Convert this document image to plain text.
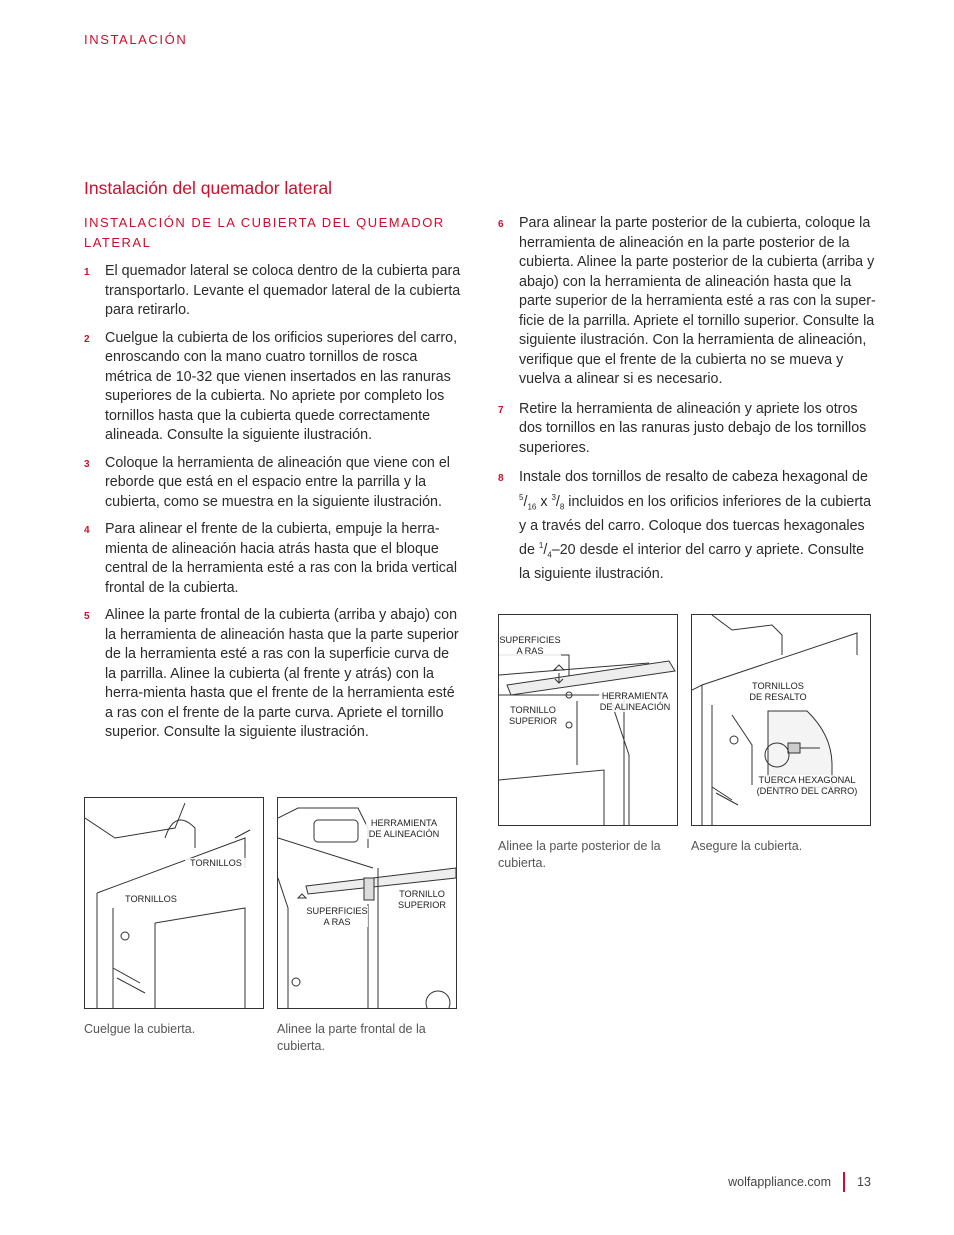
INSTALACIÓN
Instalación del quemador lateral
INSTALACIÓN DE LA CUBIERTA DEL QUEMADOR LATERAL
1 El quemador lateral se coloca dentro de la cubierta para transportarlo. Levante el quemador lateral de la cubierta para retirarlo.

2 Cuelgue la cubierta de los orificios superiores del carro, enroscando con la mano cuatro tornillos de rosca métrica de 10-32 que vienen insertados en las ranuras superiores de la cubierta. No apriete por completo los tornillos hasta que la cubierta quede correctamente alineada. Consulte la siguiente ilustración.

3 Coloque la herramienta de alineación que viene con el reborde que está en el espacio entre la parrilla y la cubierta, como se muestra en la siguiente ilustración.

4 Para alinear el frente de la cubierta, empuje la herra-mienta de alineación hacia atrás hasta que el bloque central de la herramienta esté a ras con la brida vertical frontal de la cubierta.

5 Alinee la parte frontal de la cubierta (arriba y abajo) con la herramienta de alineación hasta que la parte superior de la herramienta esté a ras con la superficie curva de la parrilla. Alinee la cubierta (al frente y atrás) con la herra-mienta hasta que el frente de la herramienta esté a ras con el frente de la parte curva. Apriete el tornillo superior. Consulte la siguiente ilustración.

6 Para alinear la parte posterior de la cubierta, coloque la herramienta de alineación en la parte posterior de la cubierta. Alinee la parte posterior de la cubierta (arriba y abajo) con la herramienta de alineación hasta que la parte superior de la herramienta esté a ras con la super-ficie de la parrilla. Apriete el tornillo superior. Consulte la siguiente ilustración. Con la herramienta de alineación, verifique que el frente de la cubierta no se mueva y vuelva a alinear si es necesario.

7 Retire la herramienta de alineación y apriete los otros dos tornillos en las ranuras justo debajo de los tornillos superiores.

8 Instale dos tornillos de resalto de cabeza hexagonal de
$^5/_{16}$ x $^3/_8$ incluidos en los orificios inferiores de la cubierta y a través del carro. Coloque dos tuercas hexagonales de $^1/_4-20$ desde el interior del carro y apriete. Consulte la siguiente ilustración.

SUPERFICIES
A RAS
TORNILLO
SUPERIOR
HERRAMIENTA
DE ALINEACIÓN
Alinee la parte posterior de la cubierta.
TORNILLOS
DE RESALTO
TUERCA HEXAGONAL
(DENTRO DEL CARRO)
Asegure la cubierta.
TORNILLOS
TORNILLOS
Cuelgue la cubierta.
HERRAMIENTA
DE ALINEACIÓN
TORNILLO
SUPERIOR
SUPERFICIES
A RAS
Alinee la parte frontal de la cubierta.
wolfappliance.com 13
